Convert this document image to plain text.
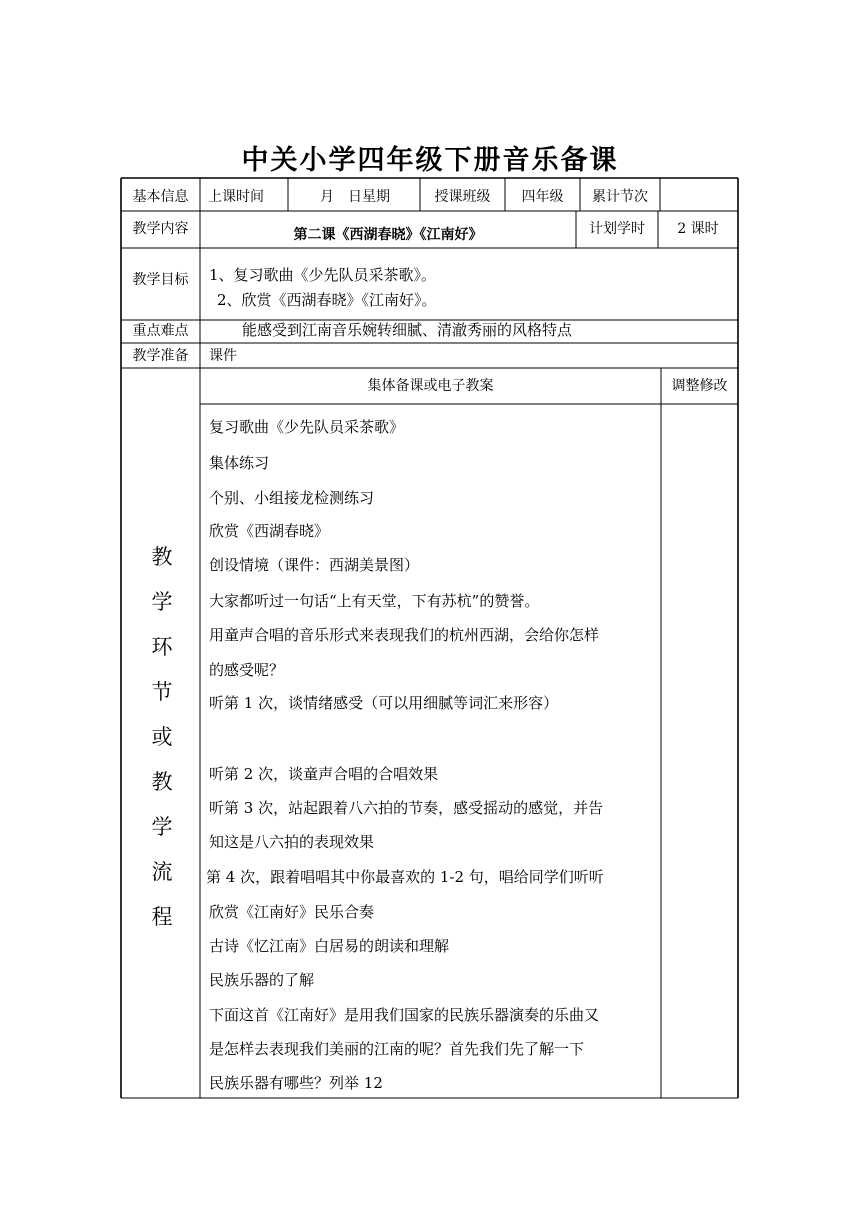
中关小学四年级下册音乐备课
基本信息	上课时间	月　日星期	授课班级	四年级	累计节次
教学内容	第二课《西湖春晓》《江南好》	计划学时	2 课时
教学目标	1、复习歌曲《少先队员采茶歌》。
2、欣赏《西湖春晓》《江南好》。
重点难点	能感受到江南音乐婉转细腻、清澈秀丽的风格特点
教学准备	课件
集体备课或电子教案	调整修改
教
学
环
节
或
教
学
流
程
复习歌曲《少先队员采茶歌》
集体练习
个别、小组接龙检测练习
欣赏《西湖春晓》
创设情境（课件：西湖美景图）
大家都听过一句话“上有天堂，下有苏杭”的赞誉。
用童声合唱的音乐形式来表现我们的杭州西湖，会给你怎样
的感受呢？
听第 1 次，谈情绪感受（可以用细腻等词汇来形容）
听第 2 次，谈童声合唱的合唱效果
听第 3 次，站起跟着八六拍的节奏，感受摇动的感觉，并告
知这是八六拍的表现效果
第 4 次，跟着唱唱其中你最喜欢的 1-2 句，唱给同学们听听
欣赏《江南好》民乐合奏
古诗《忆江南》白居易的朗读和理解
民族乐器的了解
下面这首《江南好》是用我们国家的民族乐器演奏的乐曲又
是怎样去表现我们美丽的江南的呢？首先我们先了解一下
民族乐器有哪些？列举 12
